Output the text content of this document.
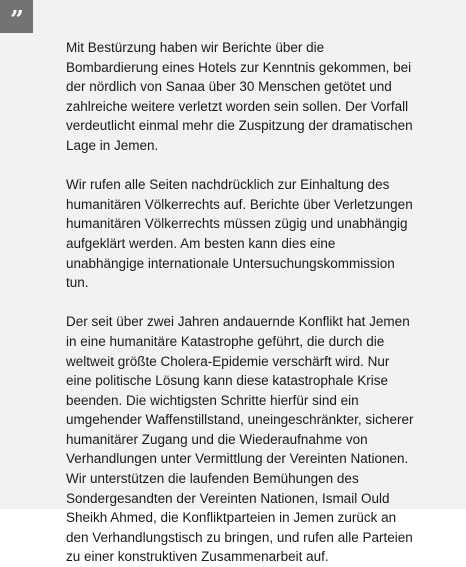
”

Mit Bestürzung haben wir Berichte über die Bombardierung eines Hotels zur Kenntnis gekommen, bei der nördlich von Sanaa über 30 Menschen getötet und zahlreiche weitere verletzt worden sein sollen. Der Vorfall verdeutlicht einmal mehr die Zuspitzung der dramatischen Lage in Jemen.

Wir rufen alle Seiten nachdrücklich zur Einhaltung des humanitären Völkerrechts auf. Berichte über Verletzungen humanitären Völkerrechts müssen zügig und unabhängig aufgeklärt werden. Am besten kann dies eine unabhängige internationale Untersuchungskommission tun.

Der seit über zwei Jahren andauernde Konflikt hat Jemen in eine humanitäre Katastrophe geführt, die durch die weltweit größte Cholera-Epidemie verschärft wird. Nur eine politische Lösung kann diese katastrophale Krise beenden. Die wichtigsten Schritte hierfür sind ein umgehender Waffenstillstand, uneingeschränkter, sicherer humanitärer Zugang und die Wiederaufnahme von Verhandlungen unter Vermittlung der Vereinten Nationen. Wir unterstützen die laufenden Bemühungen des Sondergesandten der Vereinten Nationen, Ismail Ould Sheikh Ahmed, die Konfliktparteien in Jemen zurück an den Verhandlungstisch zu bringen, und rufen alle Parteien zu einer konstruktiven Zusammenarbeit auf.
